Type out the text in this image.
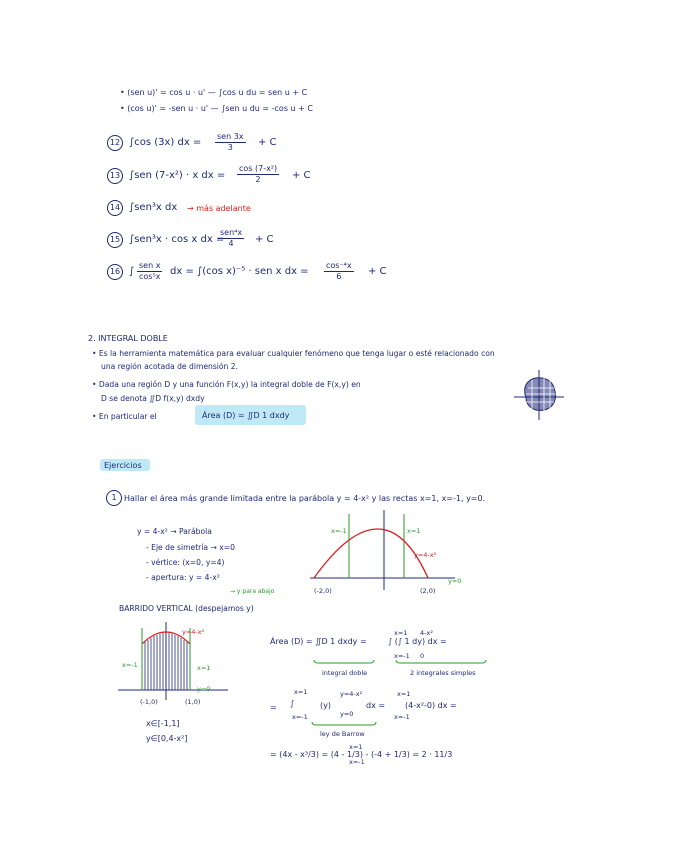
• (sen u)' = cos u · u' — ∫cos u du = sen u + C
• (cos u)' = -sen u · u' — ∫sen u du = -cos u + C
12 ∫cos (3x) dx =
sen 3x
3	+ C
13 ∫sen (7-x²) · x dx = $\frac{\text{cos (7-x²)}}{2} + C$
14 ∫sen³x dx → más adelante
15 ∫sen³x · cos x dx =
sen⁴x
4	+ C
16 ∫
sen x
cos⁵x dx = ∫(cos x)⁻⁵ · sen x dx = $\frac{\text{cos⁻⁴x}}{6} + C$
2. INTEGRAL DOBLE
• Es la herramienta matemática para evaluar cualquier fenómeno que tenga lugar o esté relacionado con
una región acotada de dimensión 2.
• Dada una región D y una función F(x,y) la integral doble de F(x,y) en
D se denota ∬D f(x,y) dxdy
• En particular el	Área (D) = ∬D 1 dxdy
Ejercicios
1 Hallar el área más grande limitada entre la parábola y = 4-x² y las rectas x=1, x=-1, y=0.
y = 4-x² → Parábola
- Eje de simetría → x=0
- vértice: (x=0, y=4)
- apertura: y = 4-x²
→ y para abajo
x=-1	x=1
y=4-x²
y=0
(-2,0)	(2,0)
BARRIDO VERTICAL (despejamos y)
y=4-x²
x=-1	x=1
y=0
(-1,0)	(1,0)
x∈[-1,1]
y∈[0,4-x²]
Área (D) = ∬D 1 dxdy =
x=1
x=-1
4-x²
0
∫ (∫ 1 dy) dx =
integral doble	2 integrales simples
=
x=1
x=-1
∫	(y)
y=4-x²
y=0
dx =
x=1
x=-1
(4-x²-0) dx =
ley de Barrow
= (4x - x³/3) = (4 - 1/3) - (-4 + 1/3) = 2 · 11/3
x=1
x=-1
